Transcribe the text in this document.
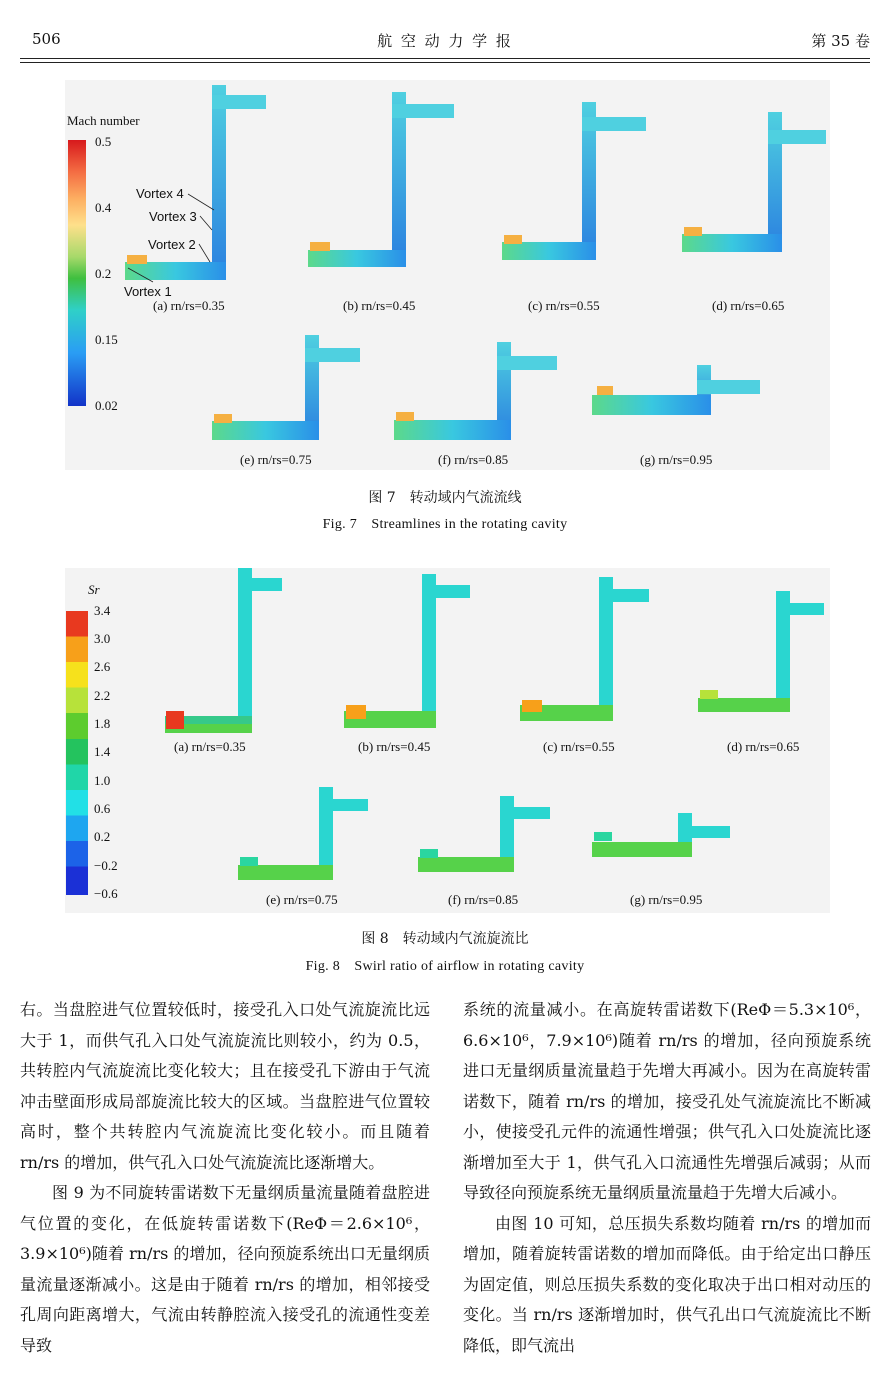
506	航 空 动 力 学 报	第 35 卷
Mach number
0.5
0.4
0.2
0.15
0.02
Vortex 4
Vortex 3
Vortex 2
Vortex 1
(a) rn/rs=0.35	(b) rn/rs=0.45	(c) rn/rs=0.55	(d) rn/rs=0.65
(e) rn/rs=0.75	(f) rn/rs=0.85	(g) rn/rs=0.95
图 7　转动域内气流流线
Fig. 7　Streamlines in the rotating cavity
Sr
3.4
3.0
2.6
2.2
1.8
1.4
1.0
0.6
0.2
−0.2
−0.6
(a) rn/rs=0.35	(b) rn/rs=0.45	(c) rn/rs=0.55	(d) rn/rs=0.65
(e) rn/rs=0.75	(f) rn/rs=0.85	(g) rn/rs=0.95
图 8　转动域内气流旋流比
Fig. 8　Swirl ratio of airflow in rotating cavity

右。当盘腔进气位置较低时，接受孔入口处气流旋流比远大于 1，而供气孔入口处气流旋流比则较小，约为 0.5，共转腔内气流旋流比变化较大；且在接受孔下游由于气流冲击壁面形成局部旋流比较大的区域。当盘腔进气位置较高时，整个共转腔内气流旋流比变化较小。而且随着 rn/rs 的增加，供气孔入口处气流旋流比逐渐增大。

图 9 为不同旋转雷诺数下无量纲质量流量随着盘腔进气位置的变化，在低旋转雷诺数下(ReΦ＝2.6×10⁶，3.9×10⁶)随着 rn/rs 的增加，径向预旋系统出口无量纲质量流量逐渐减小。这是由于随着 rn/rs 的增加，相邻接受孔周向距离增大，气流由转静腔流入接受孔的流通性变差导致

系统的流量减小。在高旋转雷诺数下(ReΦ＝5.3×10⁶，6.6×10⁶，7.9×10⁶)随着 rn/rs 的增加，径向预旋系统进口无量纲质量流量趋于先增大再减小。因为在高旋转雷诺数下，随着 rn/rs 的增加，接受孔处气流旋流比不断减小，使接受孔元件的流通性增强；供气孔入口处旋流比逐渐增加至大于 1，供气孔入口流通性先增强后减弱；从而导致径向预旋系统无量纲质量流量趋于先增大后减小。

由图 10 可知，总压损失系数均随着 rn/rs 的增加而增加，随着旋转雷诺数的增加而降低。由于给定出口静压为固定值，则总压损失系数的变化取决于出口相对动压的变化。当 rn/rs 逐渐增加时，供气孔出口气流旋流比不断降低，即气流出
